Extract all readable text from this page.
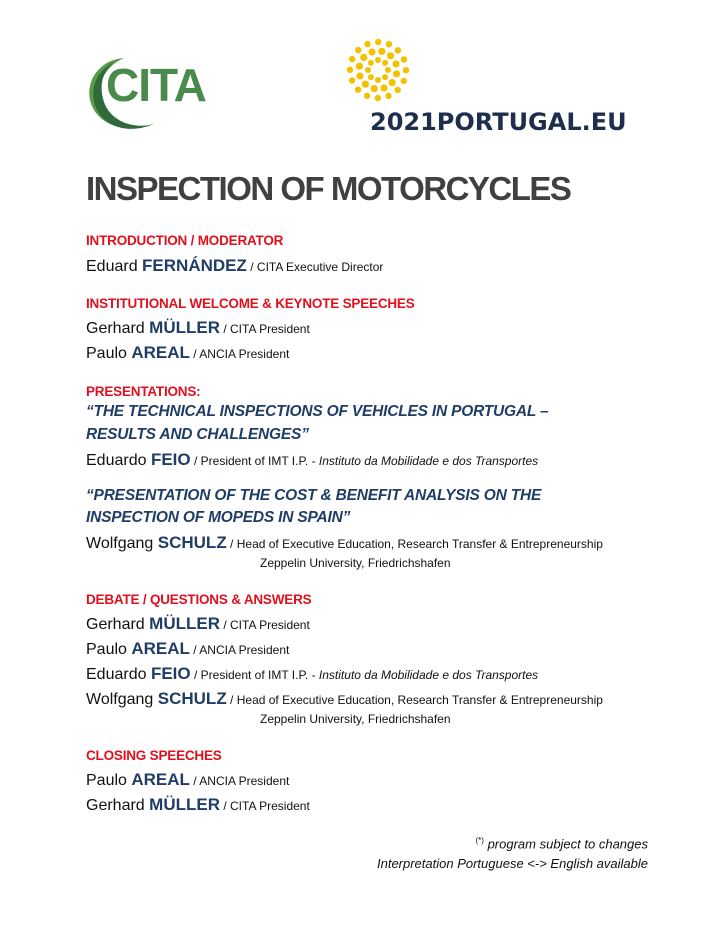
CITA
2021PORTUGAL.EU
INSPECTION OF MOTORCYCLES
INTRODUCTION / MODERATOR
Eduard FERNÁNDEZ / CITA Executive Director
INSTITUTIONAL WELCOME & KEYNOTE SPEECHES
Gerhard MÜLLER / CITA President
Paulo AREAL / ANCIA President
PRESENTATIONS:
“THE TECHNICAL INSPECTIONS OF VEHICLES IN PORTUGAL –
RESULTS AND CHALLENGES”
Eduardo FEIO / President of IMT I.P. - Instituto da Mobilidade e dos Transportes
“PRESENTATION OF THE COST & BENEFIT ANALYSIS ON THE
INSPECTION OF MOPEDS IN SPAIN”
Wolfgang SCHULZ / Head of Executive Education, Research Transfer & Entrepreneurship
Zeppelin University, Friedrichshafen
DEBATE / QUESTIONS & ANSWERS
Gerhard MÜLLER / CITA President
Paulo AREAL / ANCIA President
Eduardo FEIO / President of IMT I.P. - Instituto da Mobilidade e dos Transportes
Wolfgang SCHULZ / Head of Executive Education, Research Transfer & Entrepreneurship
Zeppelin University, Friedrichshafen
CLOSING SPEECHES
Paulo AREAL / ANCIA President
Gerhard MÜLLER / CITA President
(*) program subject to changes
Interpretation Portuguese <-> English available
